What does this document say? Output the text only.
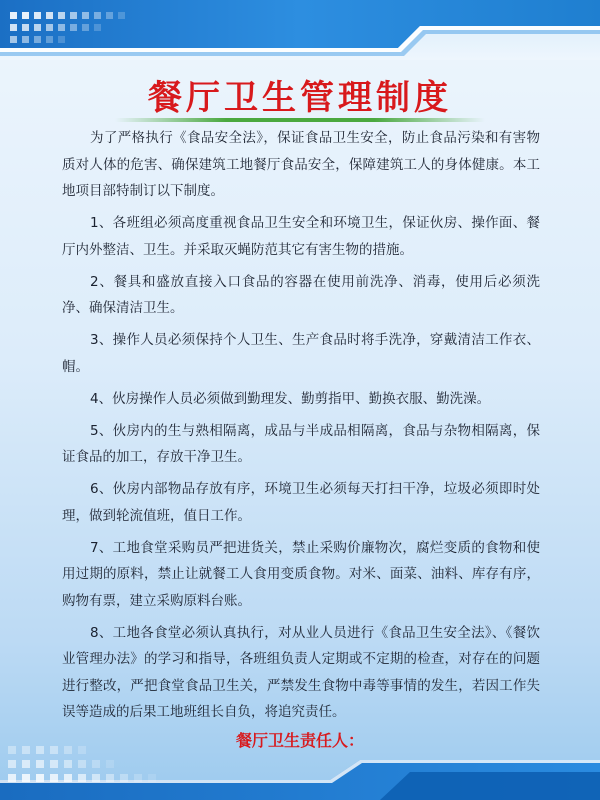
餐厅卫生管理制度

为了严格执行《食品安全法》，保证食品卫生安全，防止食品污染和有害物质对人体的危害、确保建筑工地餐厅食品安全，保障建筑工人的身体健康。本工地项目部特制订以下制度。

1、各班组必须高度重视食品卫生安全和环境卫生，保证伙房、操作面、餐厅内外整洁、卫生。并采取灭蝇防范其它有害生物的措施。

2、餐具和盛放直接入口食品的容器在使用前洗净、消毒，使用后必须洗净、确保清洁卫生。

3、操作人员必须保持个人卫生、生产食品时将手洗净，穿戴清洁工作衣、帽。

4、伙房操作人员必须做到勤理发、勤剪指甲、勤换衣服、勤洗澡。

5、伙房内的生与熟相隔离，成品与半成品相隔离，食品与杂物相隔离，保证食品的加工，存放干净卫生。

6、伙房内部物品存放有序，环境卫生必须每天打扫干净，垃圾必须即时处理，做到轮流值班，值日工作。

7、工地食堂采购员严把进货关，禁止采购价廉物次，腐烂变质的食物和使用过期的原料，禁止让就餐工人食用变质食物。对米、面菜、油料、库存有序，购物有票，建立采购原料台账。

8、工地各食堂必须认真执行，对从业人员进行《食品卫生安全法》、《餐饮业管理办法》的学习和指导，各班组负责人定期或不定期的检查，对存在的问题进行整改，严把食堂食品卫生关，严禁发生食物中毒等事情的发生，若因工作失误等造成的后果工地班组长自负，将追究责任。

餐厅卫生责任人：
